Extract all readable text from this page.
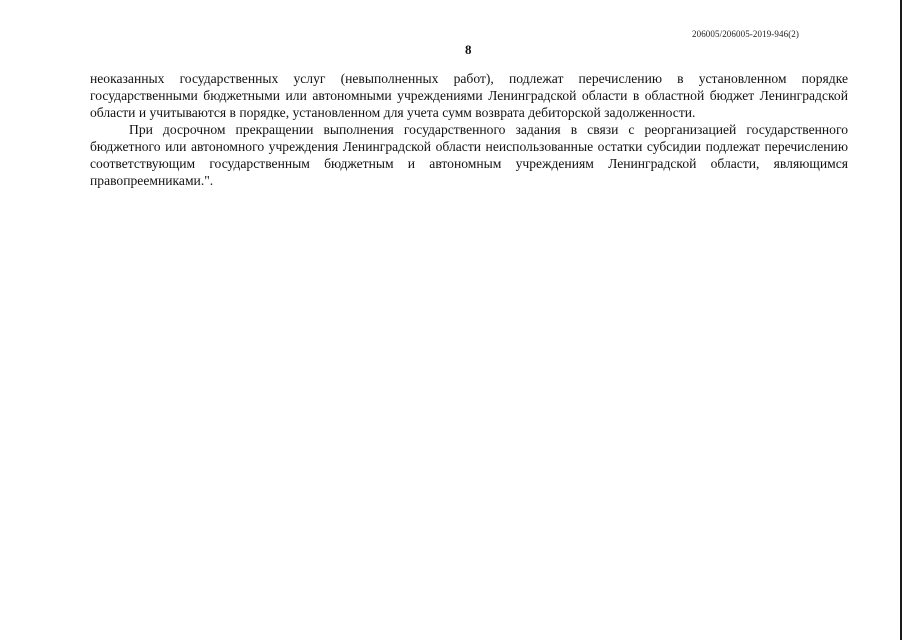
206005/206005-2019-946(2)
8

неоказанных государственных услуг (невыполненных работ), подлежат перечислению в установленном порядке государственными бюджетными или автономными учреждениями Ленинградской области в областной бюджет Ленинградской области и учитываются в порядке, установленном для учета сумм возврата дебиторской задолженности.

При досрочном прекращении выполнения государственного задания в связи с реорганизацией государственного бюджетного или автономного учреждения Ленинградской области неиспользованные остатки субсидии подлежат перечислению соответствующим государственным бюджетным и автономным учреждениям Ленинградской области, являющимся правопреемниками.".
